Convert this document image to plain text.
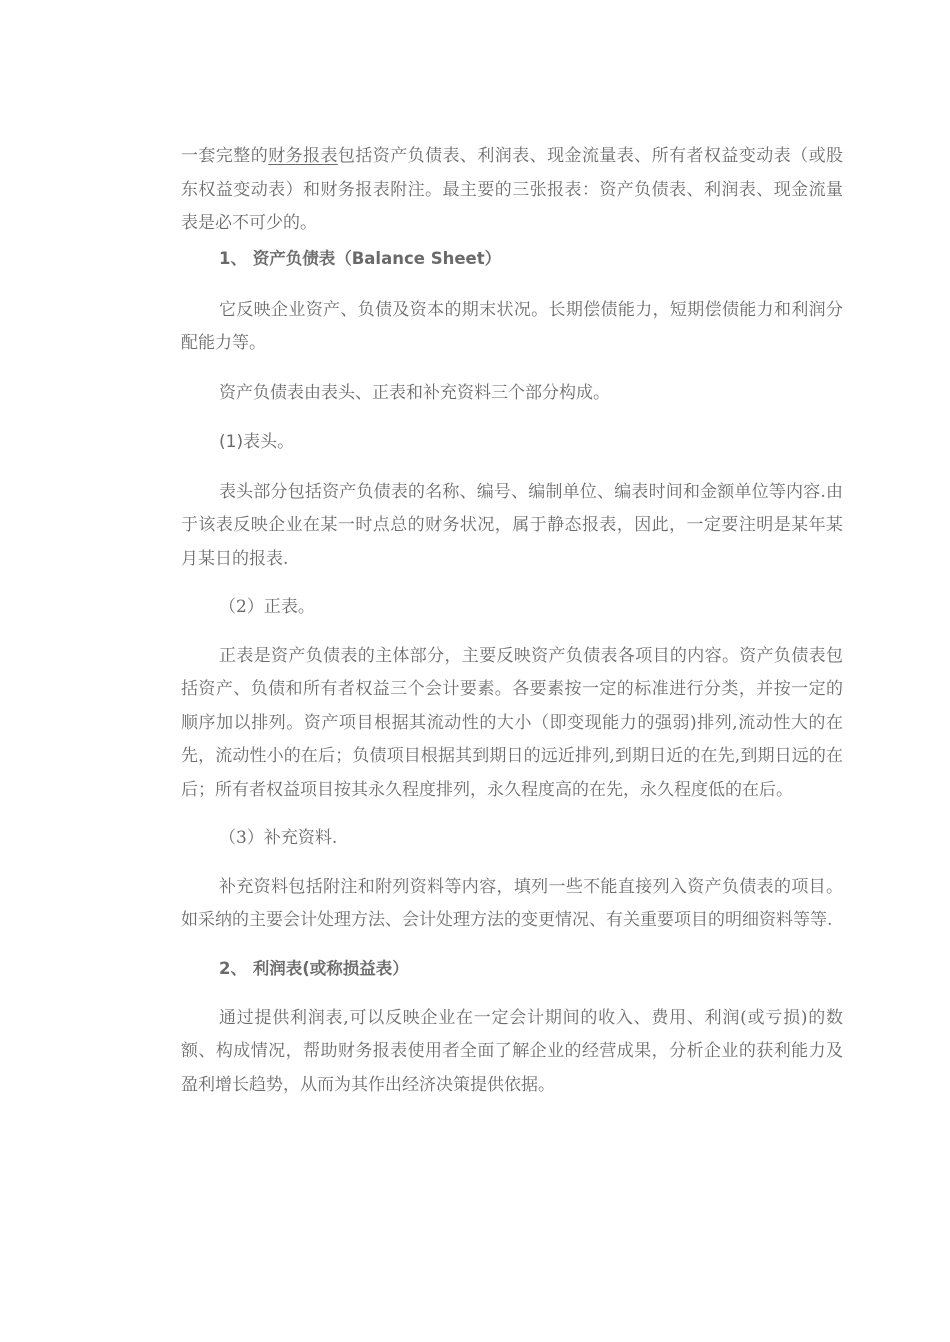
一套完整的财务报表包括资产负债表、利润表、现金流量表、所有者权益变动表（或股东权益变动表）和财务报表附注。最主要的三张报表：资产负债表、利润表、现金流量表是必不可少的。

1、 资产负债表（Balance Sheet）

它反映企业资产、负债及资本的期末状况。长期偿债能力，短期偿债能力和利润分配能力等。

资产负债表由表头、正表和补充资料三个部分构成。

(1)表头。

表头部分包括资产负债表的名称、编号、编制单位、编表时间和金额单位等内容.由于该表反映企业在某一时点总的财务状况，属于静态报表，因此，一定要注明是某年某月某日的报表.

（2）正表。

正表是资产负债表的主体部分，主要反映资产负债表各项目的内容。资产负债表包括资产、负债和所有者权益三个会计要素。各要素按一定的标准进行分类，并按一定的顺序加以排列。资产项目根据其流动性的大小（即变现能力的强弱)排列,流动性大的在先，流动性小的在后；负债项目根据其到期日的远近排列,到期日近的在先,到期日远的在后；所有者权益项目按其永久程度排列，永久程度高的在先，永久程度低的在后。

（3）补充资料.

补充资料包括附注和附列资料等内容，填列一些不能直接列入资产负债表的项目。如采纳的主要会计处理方法、会计处理方法的变更情况、有关重要项目的明细资料等等.

2、 利润表(或称损益表）

通过提供利润表,可以反映企业在一定会计期间的收入、费用、利润(或亏损)的数额、构成情况，帮助财务报表使用者全面了解企业的经营成果，分析企业的获利能力及盈利增长趋势，从而为其作出经济决策提供依据。
